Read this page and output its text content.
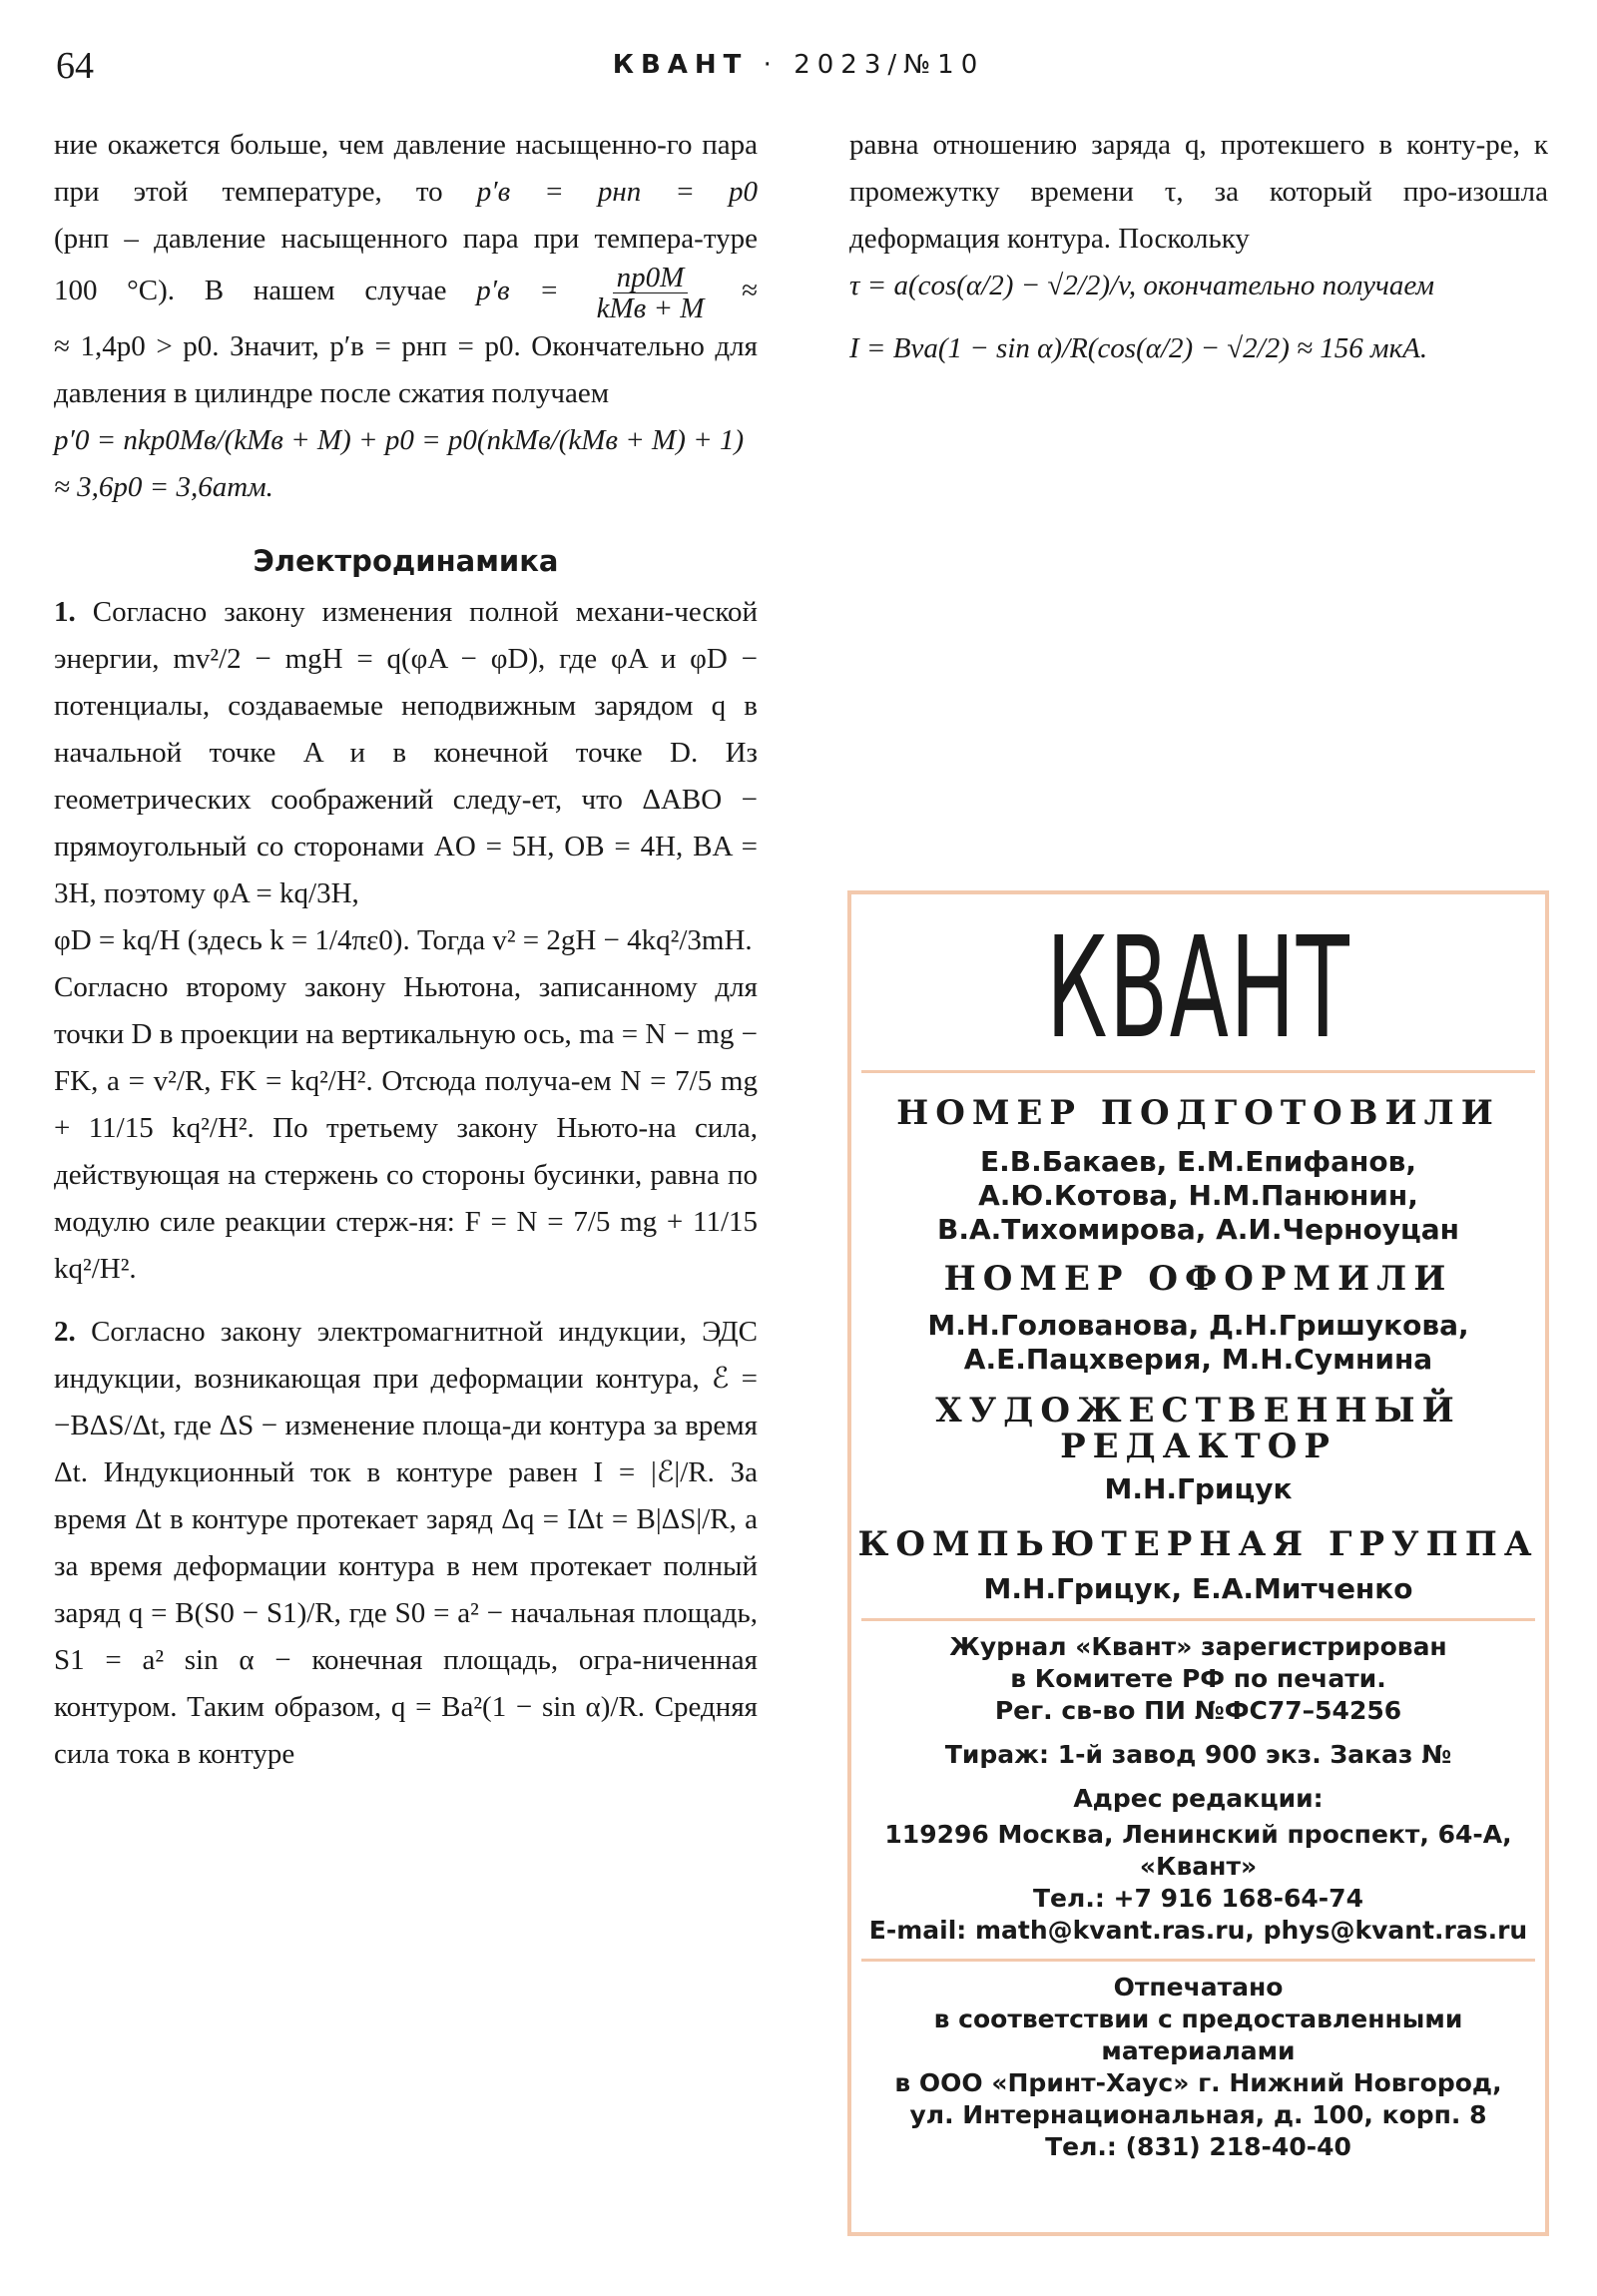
64	КВАНТ · 2023/№10

ние окажется больше, чем давление насыщенно-го пара при этой температуре, то p′в = pнп = p0

(pнп – давление насыщенного пара при темпера-туре 100 °С). В нашем случае $p'в = \frac{np0M}{\text{kMв + M}}$ ≈

≈ 1,4p0 > p0. Значит, p′в = pнп = p0. Окончательно для давления в цилиндре после сжатия получаем

p′0 = nkp0Mв/(kMв + M) + p0 = p0(nkMв/(kMв + M) + 1) ≈ 3,6p0 = 3,6атм.

Электродинамика

1. Согласно закону изменения полной механи-ческой энергии, mv²/2 − mgH = q(φA − φD), где φA и φD − потенциалы, создаваемые неподвижным зарядом q в начальной точке A и в конечной точке D. Из геометрических соображений следу-ет, что ΔABO − прямоугольный со сторонами AO = 5H, OB = 4H, BA = 3H, поэтому φA = kq/3H,

φD = kq/H (здесь k = 1/4πε0). Тогда v² = 2gH − 4kq²/3mH.

Согласно второму закону Ньютона, записанному для точки D в проекции на вертикальную ось, ma = N − mg − FK, a = v²/R, FK = kq²/H². Отсюда получа-ем N = 7/5 mg + 11/15 kq²/H². По третьему закону Ньюто-на сила, действующая на стержень со стороны бусинки, равна по модулю силе реакции стерж-ня: F = N = 7/5 mg + 11/15 kq²/H².

2. Согласно закону электромагнитной индукции, ЭДС индукции, возникающая при деформации контура, ℰ = −BΔS/Δt, где ΔS − изменение площа-ди контура за время Δt. Индукционный ток в контуре равен I = |ℰ|/R. За время Δt в контуре протекает заряд Δq = IΔt = B|ΔS|/R, а за время деформации контура в нем протекает полный заряд q = B(S0 − S1)/R, где S0 = a² − начальная площадь, S1 = a² sin α − конечная площадь, огра-ниченная контуром. Таким образом, q = Ba²(1 − sin α)/R. Средняя сила тока в контуре

равна отношению заряда q, протекшего в конту-ре, к промежутку времени τ, за который про-изошла деформация контура. Поскольку

τ = a(cos(α/2) − √2/2)/v, окончательно получаем

I = Bva(1 − sin α)/R(cos(α/2) − √2/2) ≈ 156 мкА.

КВАНТ
НОМЕР ПОДГОТОВИЛИ
Е.В.Бакаев, Е.М.Епифанов,
А.Ю.Котова, Н.М.Панюнин,
В.А.Тихомирова, А.И.Черноуцан
НОМЕР ОФОРМИЛИ
М.Н.Голованова, Д.Н.Гришукова,
А.Е.Пацхверия, М.Н.Сумнина
ХУДОЖЕСТВЕННЫЙ
РЕДАКТОР
М.Н.Грицук
КОМПЬЮТЕРНАЯ ГРУППА
М.Н.Грицук, Е.А.Митченко
Журнал «Квант» зарегистрирован
в Комитете РФ по печати.
Рег. св-во ПИ №ФС77–54256
Тираж: 1-й завод 900 экз. Заказ №
Адрес редакции:
119296 Москва, Ленинский проспект, 64-А,
«Квант»
Тел.: +7 916 168-64-74
E-mail: math@kvant.ras.ru, phys@kvant.ras.ru
Отпечатано
в соответствии с предоставленными
материалами
в ООО «Принт-Хаус» г. Нижний Новгород,
ул. Интернациональная, д. 100, корп. 8
Тел.: (831) 218-40-40
